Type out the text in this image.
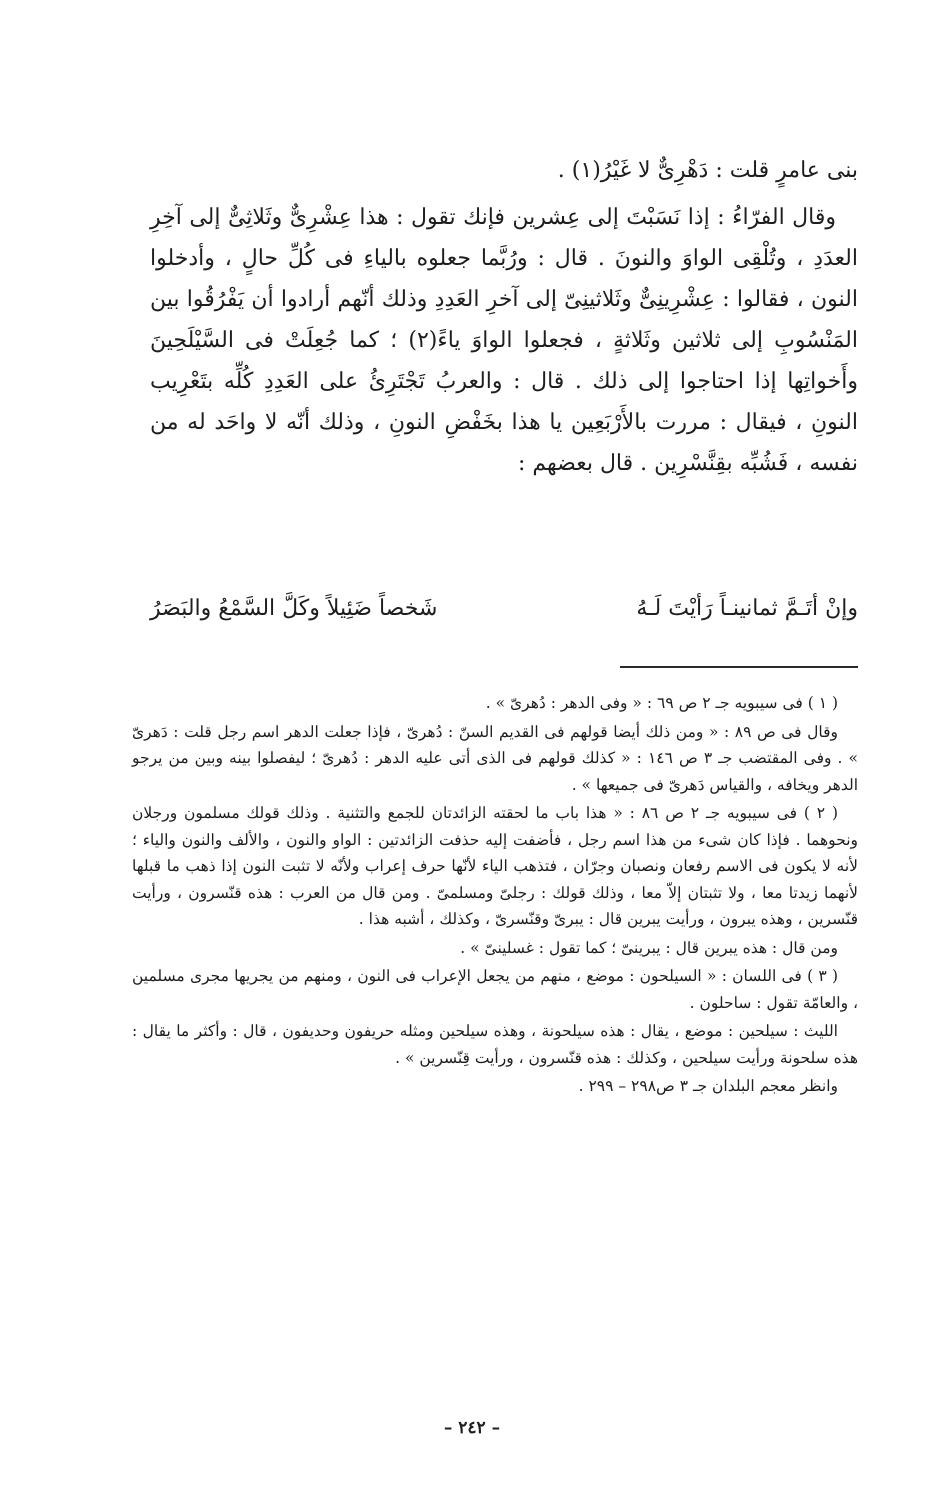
بنى عامرٍ قلت : دَهْرِىٌّ لا غَيْرُ(١) .

وقال الفرّاءُ : إذا نَسَبْتَ إلى عِشرين فإنك تقول : هذا عِشْرِىٌّ وثَلاثِىٌّ إلى آخِرِ العدَدِ ، وتُلْقِى الواوَ والنونَ . قال : ورُبَّما جعلوه بالياءِ فى كُلِّ حالٍ ، وأدخلوا النون ، فقالوا : عِشْرِينِىٌّ وثَلاثينِىّ إلى آخرِ العَدِدِ وذلك أنّهم أرادوا أن يَفْرُقُوا بين المَنْسُوبِ إلى ثلاثين وثَلاثةٍ ، فجعلوا الواوَ ياءً(٢) ؛ كما جُعِلَتْ فى السَّيْلَحِينَ وأَخواتِها إذا احتاجوا إلى ذلك . قال : والعربُ تَجْتَرِئُ على العَدِدِ كُلِّه بتَعْرِيب النونِ ، فيقال : مررت بالأَرْبَعِين يا هذا بخَفْضِ النونِ ، وذلك أنّه لا واحَد له من نفسه ، فَشُبِّه بقِنَّسْرِين . قال بعضهم :

وإنْ أتَـمَّ ثمانينـاً رَأيْتَ لَـهُ
شَخصاً ضَئِيلاً وكَلَّ السَّمْعُ والبَصَرُ

( ١ ) فى سيبويه جـ ٢ ص ٦٩ : « وفى الدهر : دُهرىّ » .

وقال فى ص ٨٩ : « ومن ذلك أيضا قولهم فى القديم السنّ : دُهرىّ ، فإذا جعلت الدهر اسم رجل قلت : دَهرىّ » . وفى المقتضب جـ ٣ ص ١٤٦ : « كذلك قولهم فى الذى أتى عليه الدهر : دُهرىّ ؛ ليفصلوا بينه وبين من يرجو الدهر ويخافه ، والقياس دَهرىّ فى جميعها » .

( ٢ ) فى سيبويه جـ ٢ ص ٨٦ : « هذا باب ما لحقته الزائدتان للجمع والتثنية . وذلك قولك مسلمون ورجلان ونحوهما . فإذا كان شىء من هذا اسم رجل ، فأضفت إليه حذفت الزائدتين : الواو والنون ، والألف والنون والياء ؛ لأنه لا يكون فى الاسم رفعان ونصبان وجرّان ، فتذهب الياء لأنّها حرف إعراب ولأنّه لا تثبت النون إذا ذهب ما قبلها لأنهما زيدتا معا ، ولا تثبتان إلاّ معا ، وذلك قولك : رجلىّ ومسلمىّ . ومن قال من العرب : هذه قنّسرون ، ورأيت قنّسرين ، وهذه يبرون ، ورأيت يبرين قال : يبرىّ وقنّسرىّ ، وكذلك ، أشبه هذا .

ومن قال : هذه يبرين قال : يبرينىّ ؛ كما تقول : غسلينىّ » .

( ٣ ) فى اللسان : « السيلحون : موضع ، منهم من يجعل الإعراب فى النون ، ومنهم من يجريها مجرى مسلمين ، والعامّة تقول : ساحلون .

الليث : سيلحين : موضع ، يقال : هذه سيلحونة ، وهذه سيلحين ومثله حريفون وحديفون ، قال : وأكثر ما يقال : هذه سلحونة ورأيت سيلحين ، وكذلك : هذه قنّسرون ، ورأيت قِنّسرين » .

وانظر معجم البلدان جـ ٣ ص٢٩٨ – ٢٩٩ .

– ٢٤٢ –
